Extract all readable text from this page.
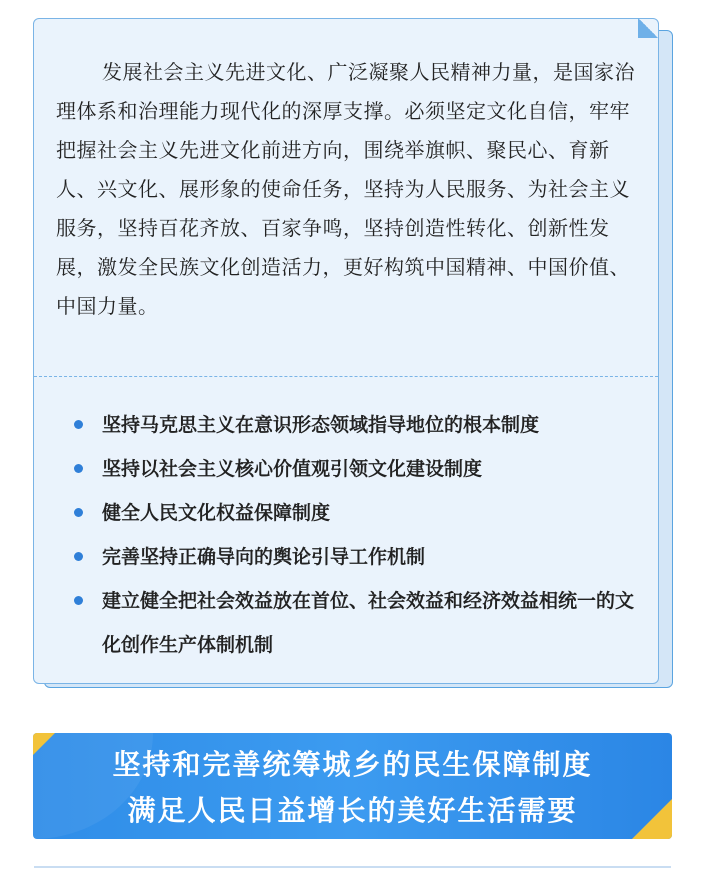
发展社会主义先进文化、广泛凝聚人民精神力量，是国家治理体系和治理能力现代化的深厚支撑。必须坚定文化自信，牢牢把握社会主义先进文化前进方向，围绕举旗帜、聚民心、育新人、兴文化、展形象的使命任务，坚持为人民服务、为社会主义服务，坚持百花齐放、百家争鸣，坚持创造性转化、创新性发展，激发全民族文化创造活力，更好构筑中国精神、中国价值、中国力量。

坚持马克思主义在意识形态领域指导地位的根本制度
坚持以社会主义核心价值观引领文化建设制度
健全人民文化权益保障制度
完善坚持正确导向的舆论引导工作机制
建立健全把社会效益放在首位、社会效益和经济效益相统一的文化创作生产体制机制
坚持和完善统筹城乡的民生保障制度
满足人民日益增长的美好生活需要
